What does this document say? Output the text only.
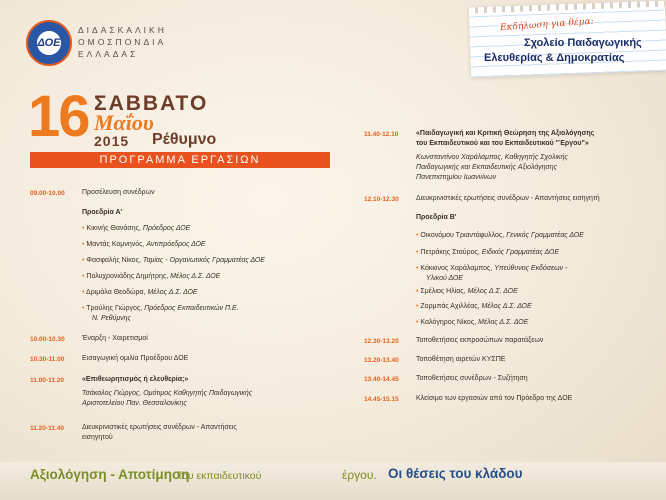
ΔΟΕ
ΔΙΔΑΣΚΑΛΙΚΗ
ΟΜΟΣΠΟΝΔΙΑ
ΕΛΛΑΔΑΣ
Εκδήλωση για θέμα:
Σχολείο Παιδαγωγικής
Ελευθερίας & Δημοκρατίας
16 ΣΑΒΒΑΤΟ
Μαΐου
2015 Ρέθυμνο
ΠΡΟΓΡΑΜΜΑ ΕΡΓΑΣΙΩΝ
09.00-10.00 Προσέλευση συνέδρων
Προεδρία Α'
• Κικινής Θανάσης, Πρόεδρος ΔΟΕ
• Μαντάς Κομνηνός, Αντιπρόεδρος ΔΟΕ
• Φασφαλής Νίκος, Ταμίας - Οργανωτικός Γραμματέας ΔΟΕ
• Πολυχρονιάδης Δημήτρης, Μέλος Δ.Σ. ΔΟΕ
• Δριμάλα Θεοδώρα, Μέλος Δ.Σ. ΔΟΕ
• Τρούλης Γιώργος, Πρόεδρος Εκπαιδευτικών Π.Ε.
Ν. Ρεθύμνης
10.00-10.30 Έναρξη - Χαιρετισμοί
10.30-11.00	Εισαγωγική ομιλία Προέδρου ΔΟΕ
11.00-11.20	«Επιθεωρητισμός ή ελευθερία;»
Τσάκαλος Γιώργος, Ομότιμος Καθηγητής Παιδαγωγικής
Αριστοτελείου Παν. Θεσσαλονίκης
11.20-11.40	Διευκρινιστικές ερωτήσεις συνέδρων - Απαντήσεις
εισηγητού
11.40-12.10	«Παιδαγωγική και Κριτική Θεώρηση της Αξιολόγησης
του Εκπαιδευτικού και του Εκπαιδευτικού "Έργου"»
Κωνσταντίνου Χαράλαμπος, Καθηγητής Σχολικής
Παιδαγωγικής και Εκπαιδευτικής Αξιολόγησης
Πανεπιστημίου Ιωαννίνων
12.10-12.30 Διευκρινιστικές ερωτήσεις συνέδρων - Απαντήσεις εισηγητή
Προεδρία Β'
• Οικονόμου Τριαντάφυλλος, Γενικός Γραμματέας ΔΟΕ
• Πετράκης Σταύρος, Ειδικός Γραμματέας ΔΟΕ
• Κόκκινος Χαράλαμπος, Υπεύθυνος Εκδόσεων -
Υλικού ΔΟΕ
• Σμέλιος Ηλίας, Μέλος Δ.Σ. ΔΟΕ
• Ζορμπάς Αχιλλέας, Μέλος Δ.Σ. ΔΟΕ
• Καλόγηρος Νίκος, Μέλος Δ.Σ. ΔΟΕ
12.30-13.20 Τοποθετήσεις εκπροσώπων παρατάξεων
13.20-13.40 Τοποθέτηση αιρετών ΚΥΣΠΕ
13.40-14.45 Τοποθετήσεις συνέδρων - Συζήτηση
14.45-15.15 Κλείσιμο των εργασιών από τον Πρόεδρο της ΔΟΕ
Αξιολόγηση - Αποτίμηση
του εκπαιδευτικού	έργου. Οι θέσεις του κλάδου
